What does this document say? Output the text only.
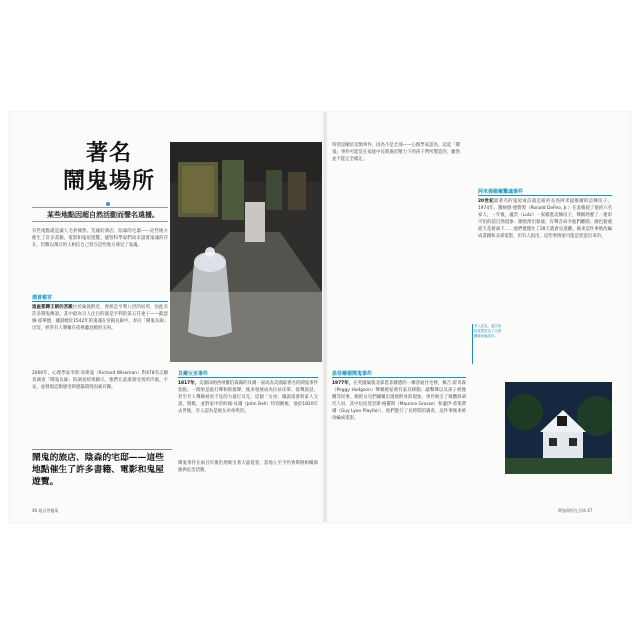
著名
鬧鬼場所
某些地點因超自然活動而聲名遠播。
有些地點就是讓人毛骨悚然。荒廢的酒店、陰森的宅邸——這些地方催生了許多書籍、電影和鬼屋遊覽。儘管科學家們尚未證實鬼魂的存在，但數以萬計的人相信自己曾在這些地方遇見了鬼魂。
漢普頓宮
這座都鐸王朝的宮殿位於倫敦附近，曾經是亨利八世的居所，因此有許多鬧鬼傳說。其中最為引人注目的就是亨利的第五任妻子——凱瑟琳·霍華德，據說她於1542年的鬼魂在宮殿長廊中，奔向「鬧鬼長廊」出沒，經常有人聲稱在夜裡聽見她的尖叫。
2000年，心理學家李察·韋斯曼（Richard Wiseman）對478名志願者調查「鬧鬼長廊」的調查結果顯示，他們在此處感受到的冷風、不安，並發現這類感受與建築環境因素有關。
鬧鬼的旅店、陰森的宅邸——這些地點催生了許多書籍、電影和鬼屋遊覽。
46 超自然檔案
貝爾女巫事件
1817年，美國田納西州羅伯森縣的貝爾一家成為美國最著名的鬧鬼事件焦點。一開始是敲打聲和抓撓聲，後來發展成為拉扯床單、低聲說話，甚至有人聲稱被看不見的力量打耳光。這個「女巫」據說還會與家人交談、唱歌，並對家中的約翰·貝爾（John Bell）特別敵視，他於1820年去世後，有人認為是被女巫毒死的。
鬧鬼事件在兩百年後仍然吸引著大量遊客，當地人至今仍會舉辦相關節慶與紀念活動。
特別是關於這類事件，因為不是全部——心理學家認為，這起「鬧鬼」事件可能是在家庭中長期處於壓力下的孩子們所製造的，雖然並不能完全確定。
阿米提維爾驚魂事件
20世紀最著名的鬼屋或許就是紐約長島阿米提維爾的這棟房子。1974年，羅納德·德費奧（Ronald DeFeo, Jr.）在此槍殺了他的六名家人，一年後，盧茨（Lutz）一家搬進這棟房子，聲稱經歷了一連串可怕的超自然現象：牆壁滲出黏液、有聲音命令他們離開、綠色黏液從天花板滴下……他們僅僅住了28天就倉皇逃離。後來這件事被改編成書籍和多部電影，但有人指出，這些事情很可能是捏造出來的。
恩菲爾德鬧鬼事件
1977年，在英國倫敦北部恩菲爾德的一棟普通住宅裡，佩吉·霍奇森（Peggy Hodgson）聲稱她家裡有家具移動、敲擊聲以及孩子被拋擲等怪事。她的女兒們據稱出現被附身的現象，事件吸引了媒體與研究人員，其中包括莫里斯·格羅斯（Maurice Grosse）和蓋伊·普萊費爾（Guy Lyon Playfair），他們進行了長時間的調查，這件事後來被改編成電影。
有人認為，盧茨家的經歷是為了出書賺錢而編造的。
鬧鬼場所在全球 47
